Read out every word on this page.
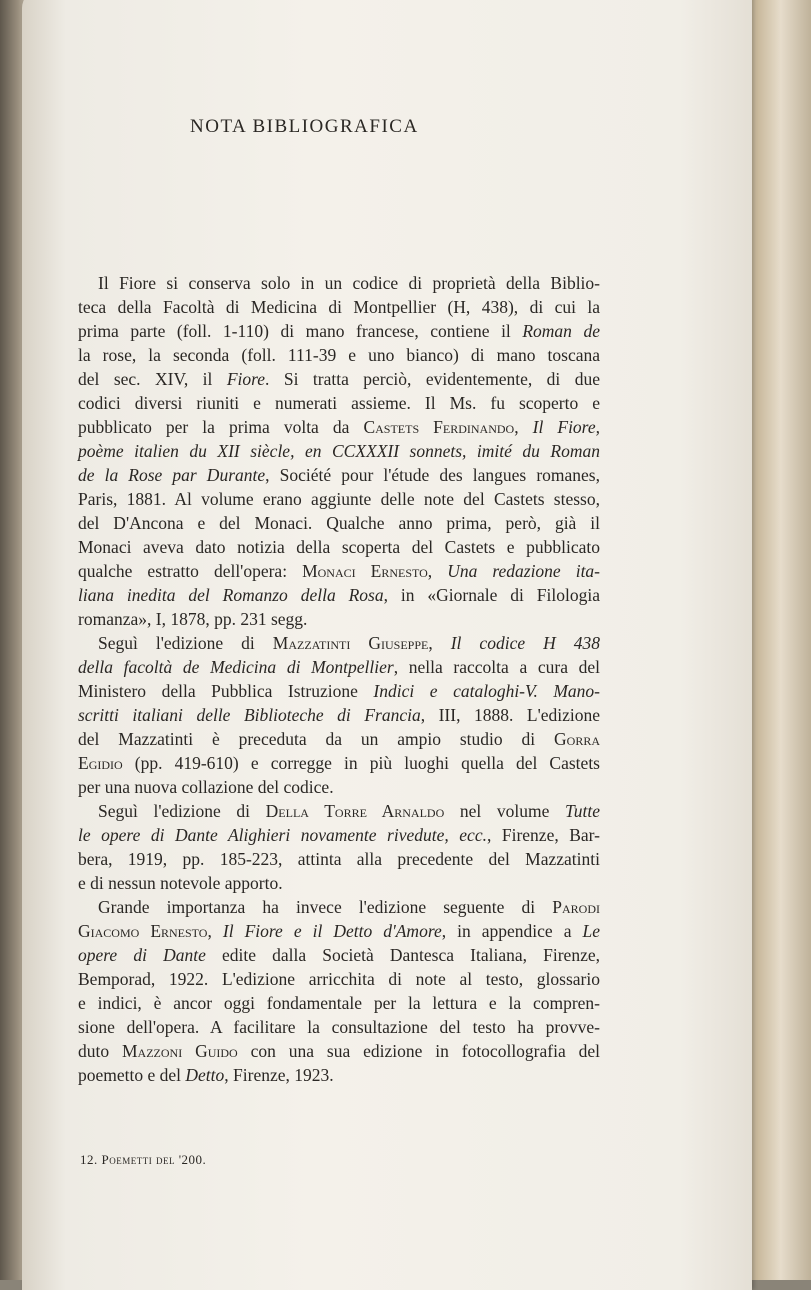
NOTA BIBLIOGRAFICA
Il Fiore si conserva solo in un codice di proprietà della Biblio-
teca della Facoltà di Medicina di Montpellier (H, 438), di cui la
prima parte (foll. 1-110) di mano francese, contiene il Roman de
la rose, la seconda (foll. 111-39 e uno bianco) di mano toscana
del sec. XIV, il Fiore. Si tratta perciò, evidentemente, di due
codici diversi riuniti e numerati assieme. Il Ms. fu scoperto e
pubblicato per la prima volta da Castets Ferdinando, Il Fiore,
poème italien du XII siècle, en CCXXXII sonnets, imité du Roman
de la Rose par Durante, Société pour l'étude des langues romanes,
Paris, 1881. Al volume erano aggiunte delle note del Castets stesso,
del D'Ancona e del Monaci. Qualche anno prima, però, già il
Monaci aveva dato notizia della scoperta del Castets e pubblicato
qualche estratto dell'opera: Monaci Ernesto, Una redazione ita-
liana inedita del Romanzo della Rosa, in «Giornale di Filologia
romanza», I, 1878, pp. 231 segg.
Seguì l'edizione di Mazzatinti Giuseppe, Il codice H 438
della facoltà de Medicina di Montpellier, nella raccolta a cura del
Ministero della Pubblica Istruzione Indici e cataloghi-V. Mano-
scritti italiani delle Biblioteche di Francia, III, 1888. L'edizione
del Mazzatinti è preceduta da un ampio studio di Gorra
Egidio (pp. 419-610) e corregge in più luoghi quella del Castets
per una nuova collazione del codice.
Seguì l'edizione di Della Torre Arnaldo nel volume Tutte
le opere di Dante Alighieri novamente rivedute, ecc., Firenze, Bar-
bera, 1919, pp. 185-223, attinta alla precedente del Mazzatinti
e di nessun notevole apporto.
Grande importanza ha invece l'edizione seguente di Parodi
Giacomo Ernesto, Il Fiore e il Detto d'Amore, in appendice a Le
opere di Dante edite dalla Società Dantesca Italiana, Firenze,
Bemporad, 1922. L'edizione arricchita di note al testo, glossario
e indici, è ancor oggi fondamentale per la lettura e la compren-
sione dell'opera. A facilitare la consultazione del testo ha provve-
duto Mazzoni Guido con una sua edizione in fotocollografia del
poemetto e del Detto, Firenze, 1923.
12. Poemetti del '200.
